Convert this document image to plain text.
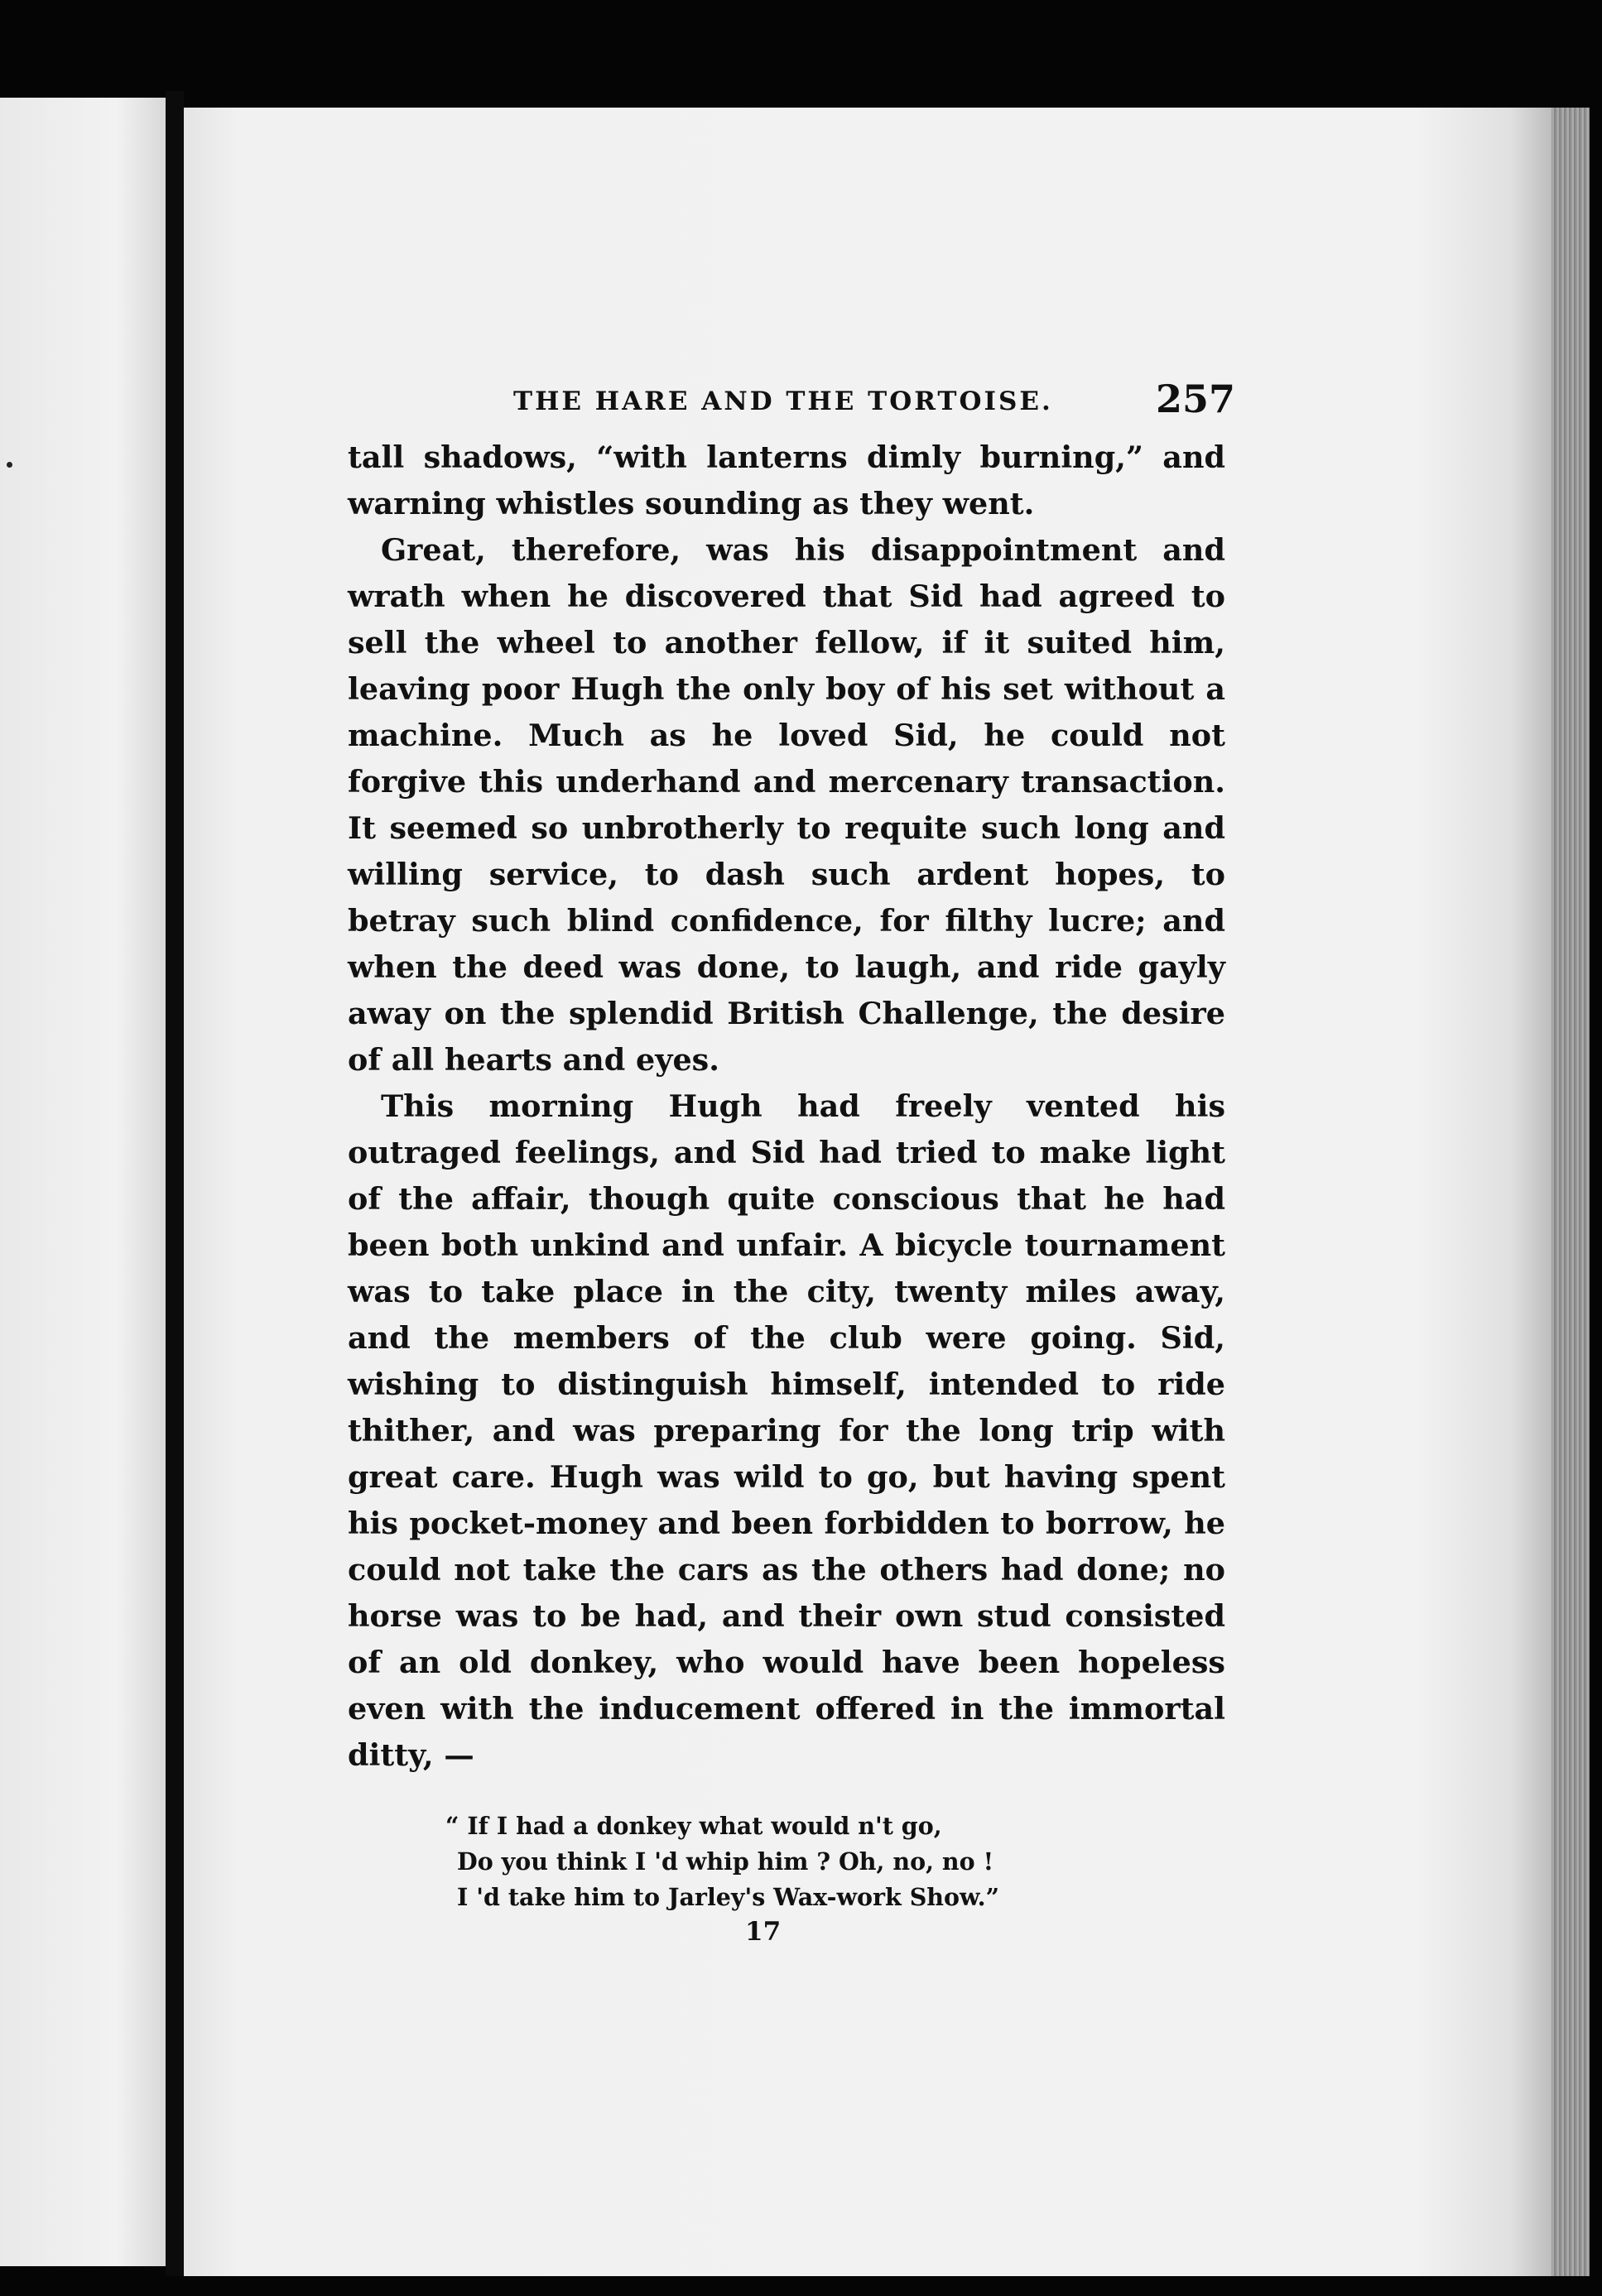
THE HARE AND THE TORTOISE.	257

tall shadows, “with lanterns dimly burning,” and warning whistles sounding as they went.

Great, therefore, was his disappointment and wrath when he discovered that Sid had agreed to sell the wheel to another fellow, if it suited him, leaving poor Hugh the only boy of his set without a machine. Much as he loved Sid, he could not forgive this underhand and mercenary transaction. It seemed so unbrotherly to requite such long and willing service, to dash such ardent hopes, to betray such blind confidence, for filthy lucre; and when the deed was done, to laugh, and ride gayly away on the splendid British Challenge, the desire of all hearts and eyes.

This morning Hugh had freely vented his outraged feelings, and Sid had tried to make light of the affair, though quite conscious that he had been both unkind and unfair. A bicycle tournament was to take place in the city, twenty miles away, and the members of the club were going. Sid, wishing to distinguish himself, intended to ride thither, and was preparing for the long trip with great care. Hugh was wild to go, but having spent his pocket-money and been forbidden to borrow, he could not take the cars as the others had done; no horse was to be had, and their own stud consisted of an old donkey, who would have been hopeless even with the inducement offered in the immortal ditty, —

“ If I had a donkey what would n't go,
Do you think I 'd whip him ? Oh, no, no !
I 'd take him to Jarley's Wax-work Show.”
17
